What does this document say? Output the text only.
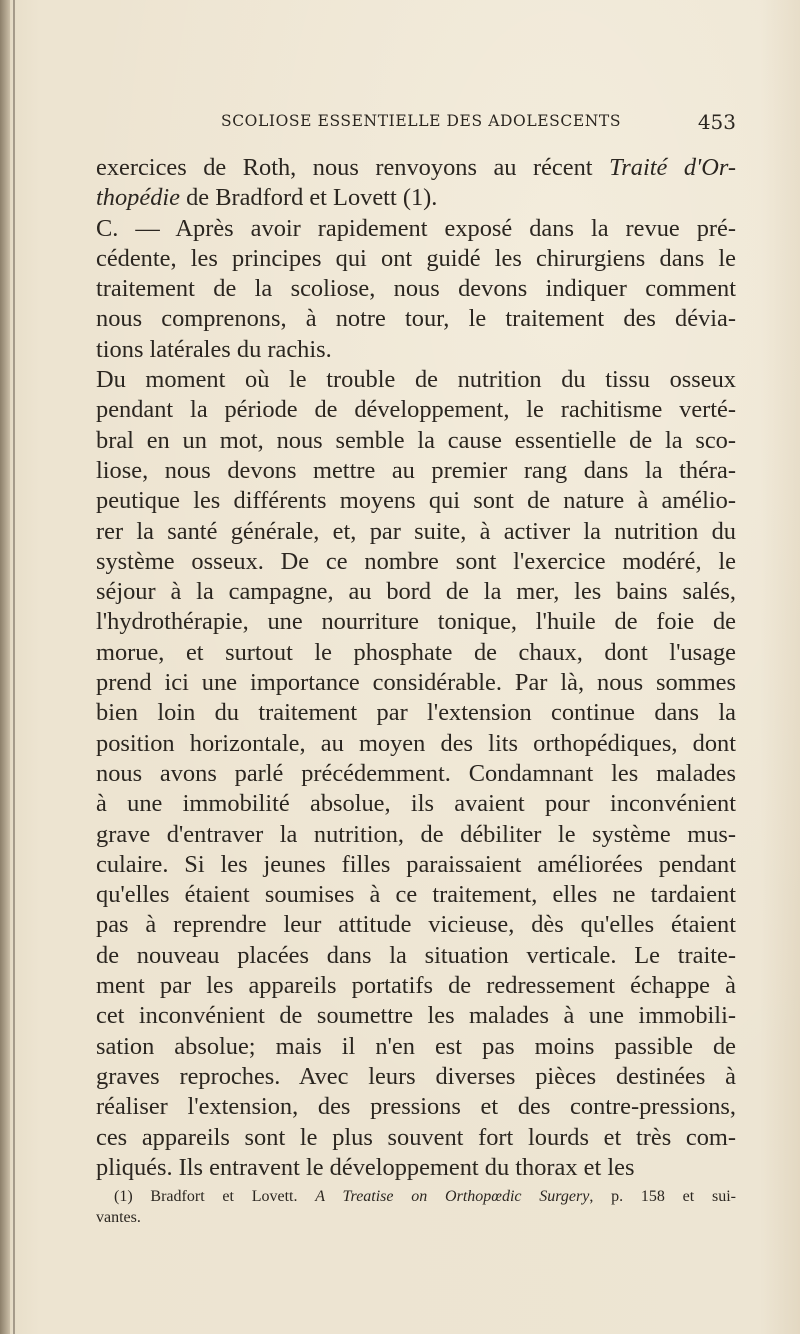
SCOLIOSE ESSENTIELLE DES ADOLESCENTS	453
exercices de Roth, nous renvoyons au récent Traité d'Or-
thopédie de Bradford et Lovett (1).
C. — Après avoir rapidement exposé dans la revue pré-
cédente, les principes qui ont guidé les chirurgiens dans le
traitement de la scoliose, nous devons indiquer comment
nous comprenons, à notre tour, le traitement des dévia-
tions latérales du rachis.
Du moment où le trouble de nutrition du tissu osseux
pendant la période de développement, le rachitisme verté-
bral en un mot, nous semble la cause essentielle de la sco-
liose, nous devons mettre au premier rang dans la théra-
peutique les différents moyens qui sont de nature à amélio-
rer la santé générale, et, par suite, à activer la nutrition du
système osseux. De ce nombre sont l'exercice modéré, le
séjour à la campagne, au bord de la mer, les bains salés,
l'hydrothérapie, une nourriture tonique, l'huile de foie de
morue, et surtout le phosphate de chaux, dont l'usage
prend ici une importance considérable. Par là, nous sommes
bien loin du traitement par l'extension continue dans la
position horizontale, au moyen des lits orthopédiques, dont
nous avons parlé précédemment. Condamnant les malades
à une immobilité absolue, ils avaient pour inconvénient
grave d'entraver la nutrition, de débiliter le système mus-
culaire. Si les jeunes filles paraissaient améliorées pendant
qu'elles étaient soumises à ce traitement, elles ne tardaient
pas à reprendre leur attitude vicieuse, dès qu'elles étaient
de nouveau placées dans la situation verticale. Le traite-
ment par les appareils portatifs de redressement échappe à
cet inconvénient de soumettre les malades à une immobili-
sation absolue; mais il n'en est pas moins passible de
graves reproches. Avec leurs diverses pièces destinées à
réaliser l'extension, des pressions et des contre-pressions,
ces appareils sont le plus souvent fort lourds et très com-
pliqués. Ils entravent le développement du thorax et les
(1) Bradfort et Lovett. A Treatise on Orthopœdic Surgery, p. 158 et sui-
vantes.
